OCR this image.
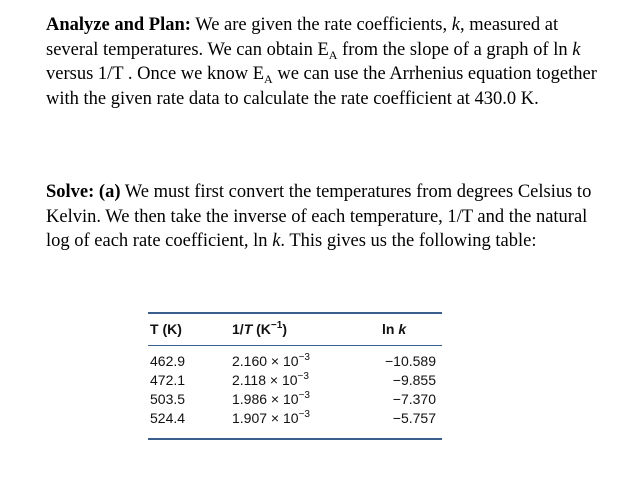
Analyze and Plan: We are given the rate coefficients, k, measured at several temperatures. We can obtain $E_A$ from the slope of a graph of ln k versus 1/T . Once we know $E_A$ we can use the Arrhenius equation together with the given rate data to calculate the rate coefficient at 430.0 K.

Solve: (a) We must first convert the temperatures from degrees Celsius to Kelvin. We then take the inverse of each temperature, 1/T and the natural log of each rate coefficient, ln k. This gives us the following table:

T (K)	1/T $(K^{-1})$	ln k
462.9	$2.160 \times 10^{-3}$	−10.589
472.1	$2.118 \times 10^{-3}$	−9.855
503.5	$1.986 \times 10^{-3}$	−7.370
524.4	$1.907 \times 10^{-3}$	−5.757
